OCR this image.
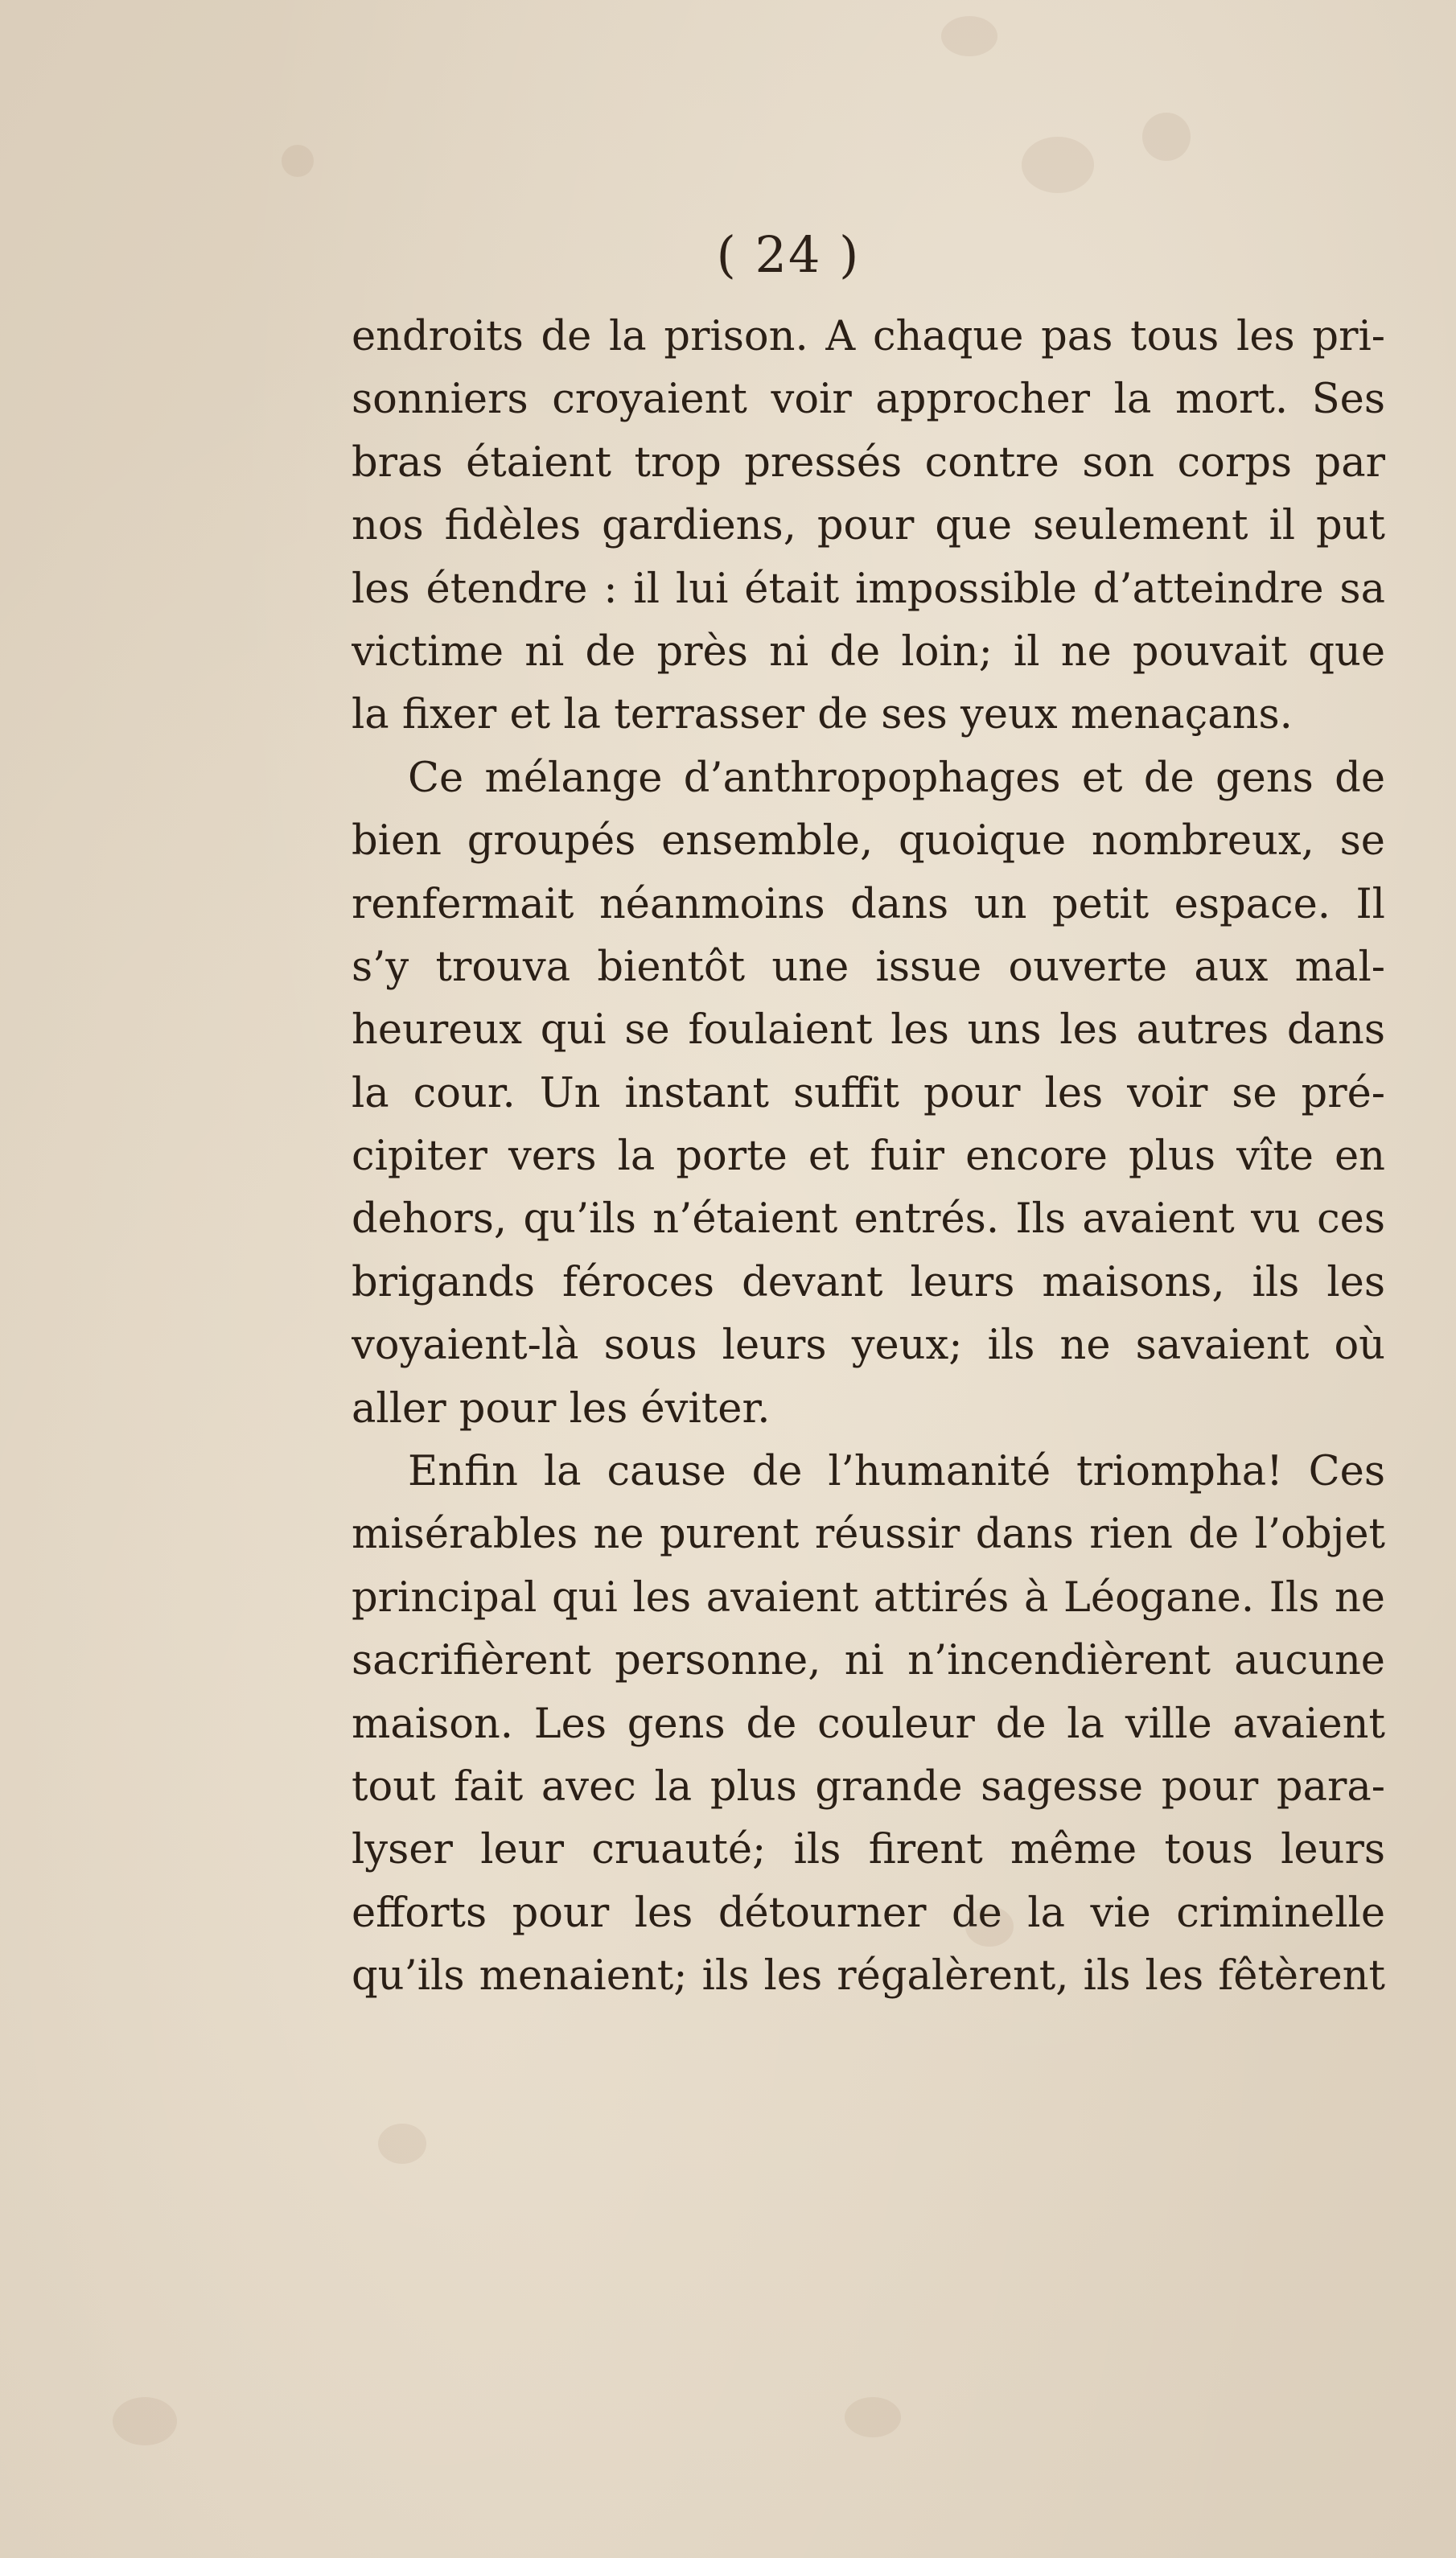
( 24 )
endroits de la prison. A chaque pas tous les pri-
sonniers croyaient voir approcher la mort. Ses
bras étaient trop pressés contre son corps par
nos fidèles gardiens, pour que seulement il put
les étendre : il lui était impossible d’atteindre sa
victime ni de près ni de loin; il ne pouvait que
la fixer et la terrasser de ses yeux menaçans.
Ce mélange d’anthropophages et de gens de
bien groupés ensemble, quoique nombreux, se
renfermait néanmoins dans un petit espace. Il
s’y trouva bientôt une issue ouverte aux mal-
heureux qui se foulaient les uns les autres dans
la cour. Un instant suffit pour les voir se pré-
cipiter vers la porte et fuir encore plus vîte en
dehors, qu’ils n’étaient entrés. Ils avaient vu ces
brigands féroces devant leurs maisons, ils les
voyaient-là sous leurs yeux; ils ne savaient où
aller pour les éviter.
Enfin la cause de l’humanité triompha! Ces
misérables ne purent réussir dans rien de l’objet
principal qui les avaient attirés à Léogane. Ils ne
sacrifièrent personne, ni n’incendièrent aucune
maison. Les gens de couleur de la ville avaient
tout fait avec la plus grande sagesse pour para-
lyser leur cruauté; ils firent même tous leurs
efforts pour les détourner de la vie criminelle
qu’ils menaient; ils les régalèrent, ils les fêtèrent
